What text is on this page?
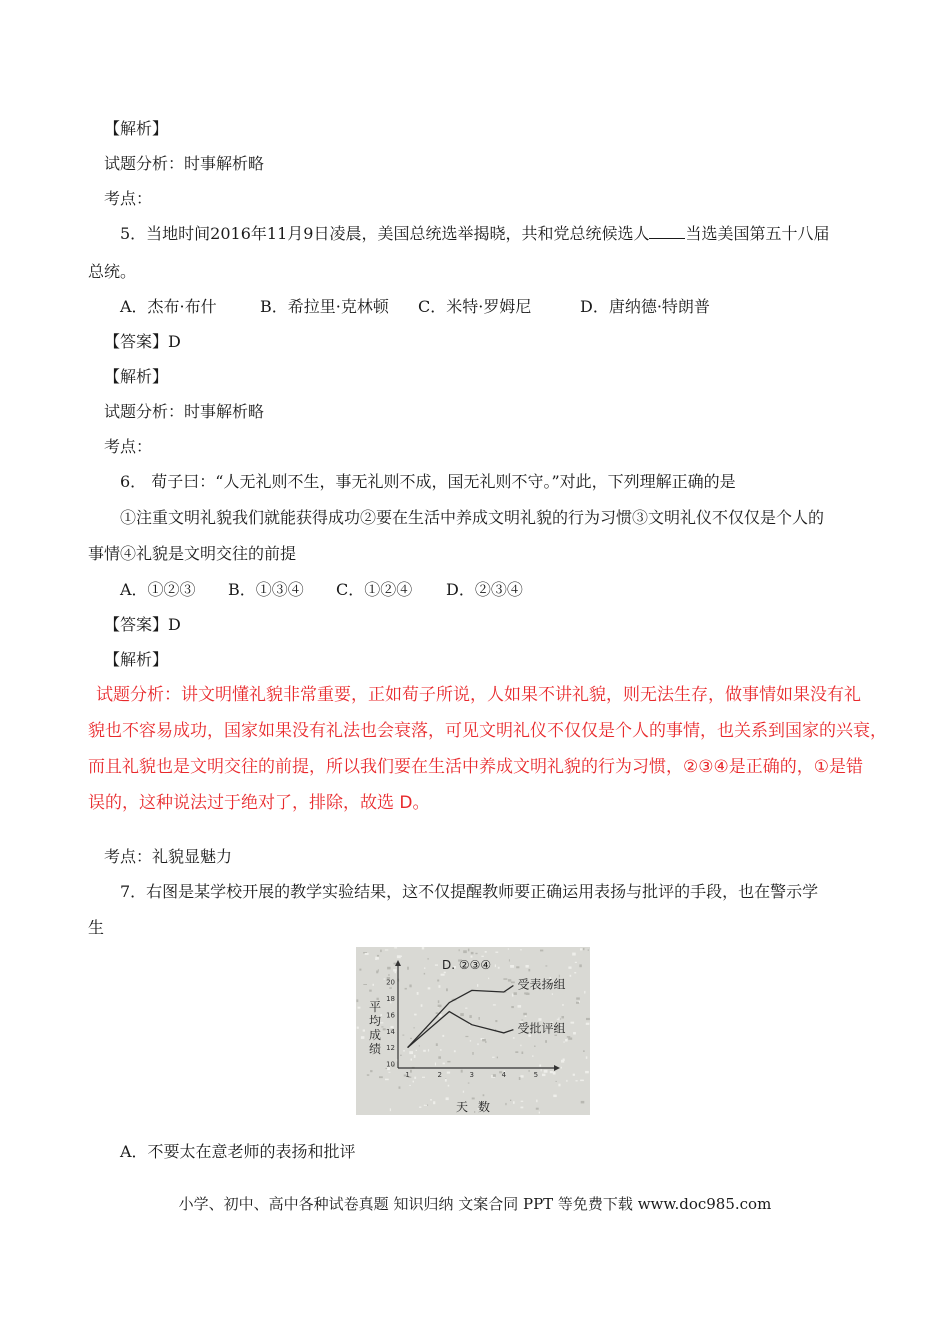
【解析】
试题分析：时事解析略
考点：
5．当地时间2016年11月9日凌晨，美国总统选举揭晓，共和党总统候选人 当选美国第五十八届
总统。
A．杰布·布什	B．希拉里·克林顿 C．米特·罗姆尼	D．唐纳德·特朗普
【答案】D
【解析】
试题分析：时事解析略
考点：
6． 荀子曰：“人无礼则不生，事无礼则不成，国无礼则不守。”对此，下列理解正确的是
①注重文明礼貌我们就能获得成功②要在生活中养成文明礼貌的行为习惯③文明礼仪不仅仅是个人的
事情④礼貌是文明交往的前提
A．①②③ B．①③④ C．①②④ D．②③④
【答案】D
【解析】
试题分析：讲文明懂礼貌非常重要，正如荀子所说，人如果不讲礼貌，则无法生存，做事情如果没有礼
貌也不容易成功，国家如果没有礼法也会衰落，可见文明礼仪不仅仅是个人的事情，也关系到国家的兴衰，
而且礼貌也是文明交往的前提，所以我们要在生活中养成文明礼貌的行为习惯，②③④是正确的，①是错
误的，这种说法过于绝对了，排除，故选 D。
考点：礼貌显魅力
7．右图是某学校开展的教学实验结果，这不仅提醒教师要正确运用表扬与批评的手段，也在警示学
生
10
12
14
16
18
20
1	2	3	4	5
受表扬组
受批评组
D. ②③④
平
均
成
绩
天数
A．不要太在意老师的表扬和批评
小学、初中、高中各种试卷真题 知识归纳 文案合同 PPT 等免费下载 www.doc985.com
